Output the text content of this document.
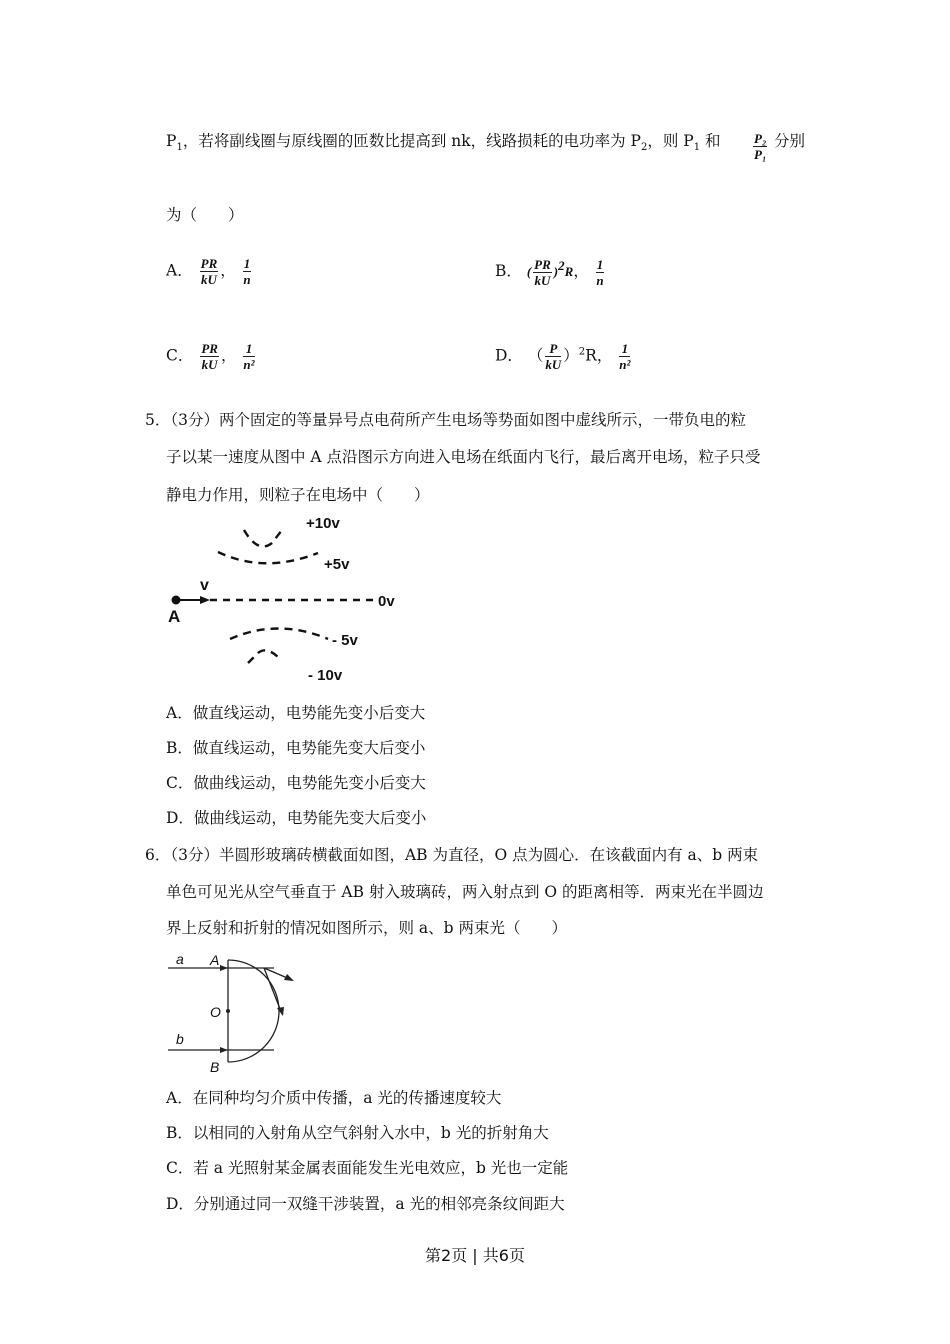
$P_1$，若将副线圈与原线圈的匝数比提高到 nk，线路损耗的电功率为 $P_2$，则 $P_1$ 和 $\frac{\text{P₂}}{\text{P₁}}$ 分别
为（　　）
A． $\frac{PR}{kU}$ ， $\frac{1}{n}$	B． ( $\frac{PR}{kU} )^2R$， $\frac{1}{n}$
C． $\frac{PR}{kU}$ ， $\frac{1}{\text{n²}}$	D． （ $\frac{P}{kU} )^2R$， $\frac{1}{\text{n²}}$
5．（3分）两个固定的等量异号点电荷所产生电场等势面如图中虚线所示，一带负电的粒
子以某一速度从图中 A 点沿图示方向进入电场在纸面内飞行，最后离开电场，粒子只受
静电力作用，则粒子在电场中（　　）
+10v
+5v
0v
- 5v
- 10v
A
v
A．做直线运动，电势能先变小后变大
B．做直线运动，电势能先变大后变小
C．做曲线运动，电势能先变小后变大
D．做曲线运动，电势能先变大后变小
6．（3分）半圆形玻璃砖横截面如图，AB 为直径，O 点为圆心．在该截面内有 a、b 两束
单色可见光从空气垂直于 AB 射入玻璃砖，两入射点到 O 的距离相等．两束光在半圆边
界上反射和折射的情况如图所示，则 a、b 两束光（　　）
a
b
A
O
B
A．在同种均匀介质中传播，a 光的传播速度较大
B．以相同的入射角从空气斜射入水中，b 光的折射角大
C．若 a 光照射某金属表面能发生光电效应，b 光也一定能
D．分别通过同一双缝干涉装置，a 光的相邻亮条纹间距大
第2页 | 共6页
